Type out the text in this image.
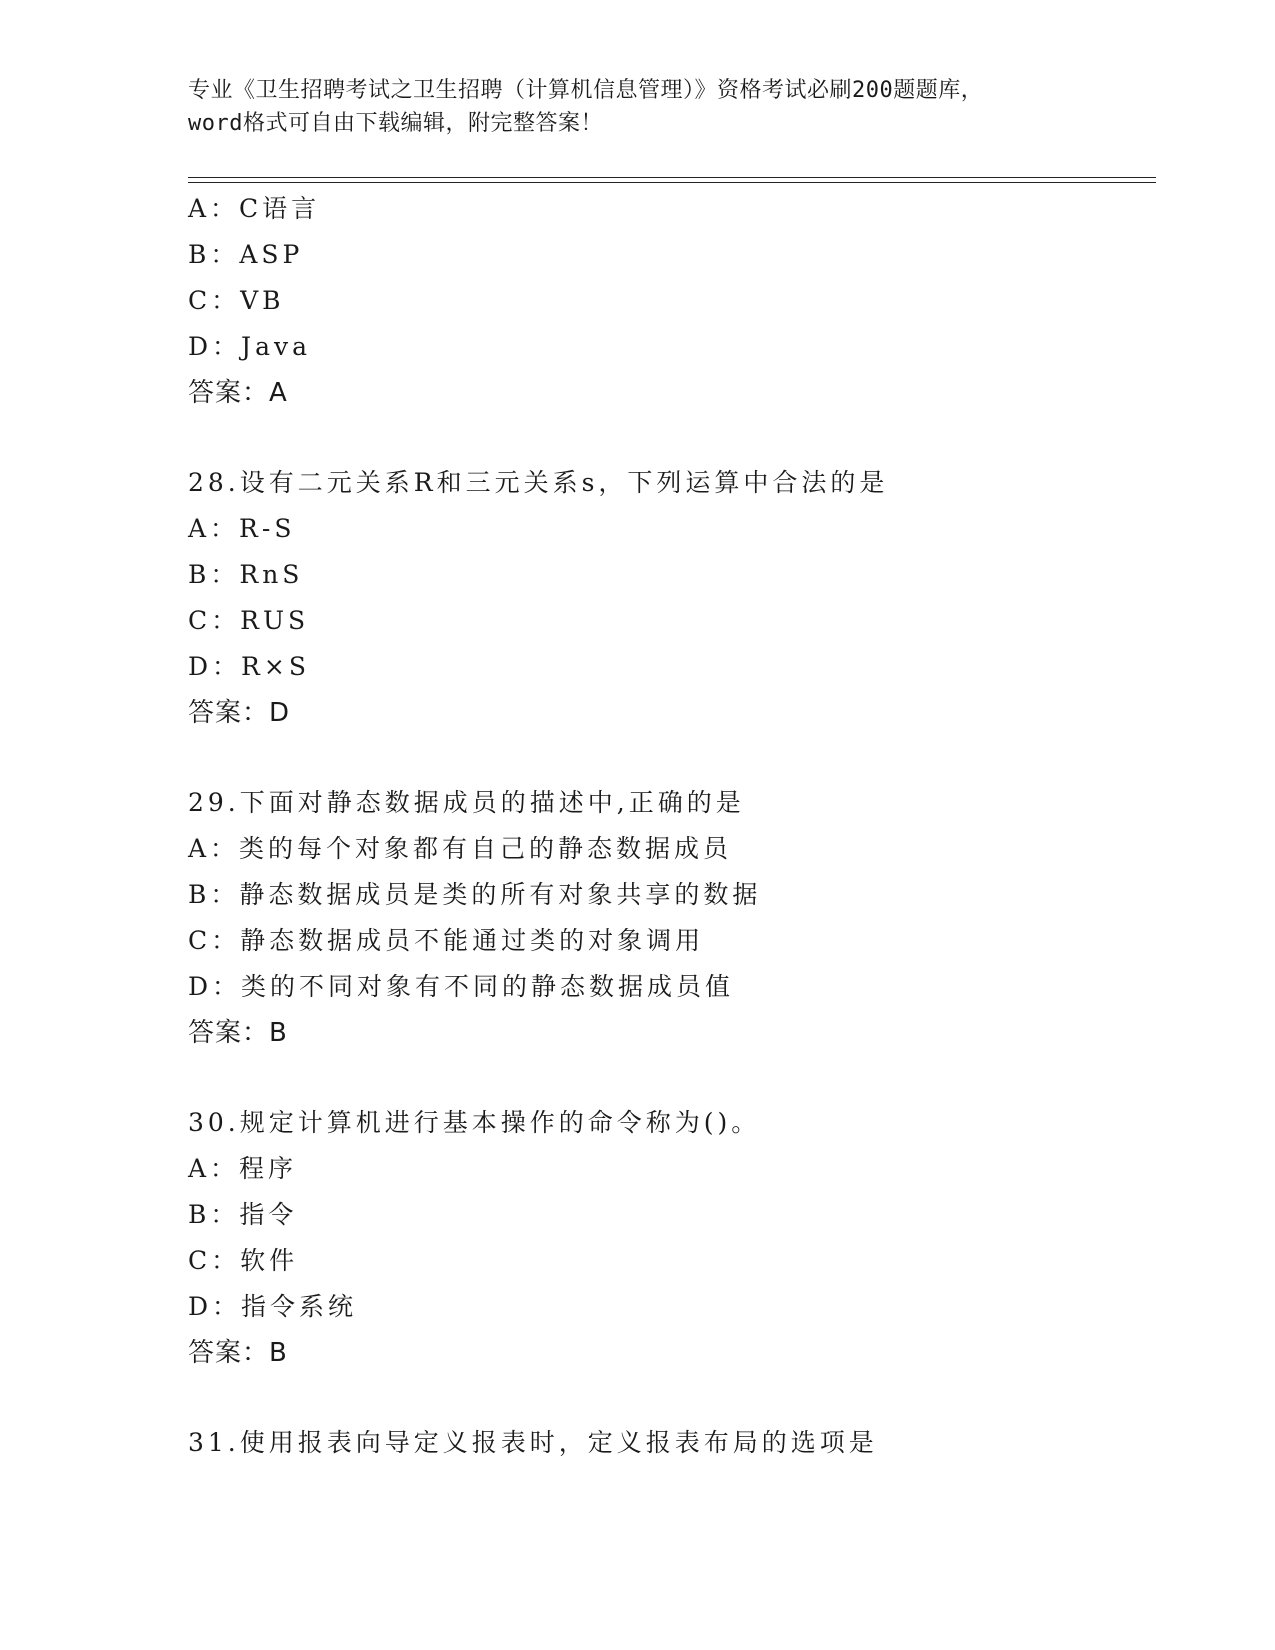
专业《卫生招聘考试之卫生招聘（计算机信息管理）》资格考试必刷200题题库，
word格式可自由下载编辑，附完整答案！
A：C语言
B：ASP
C：VB
D：Java
答案：A
28.设有二元关系R和三元关系s，下列运算中合法的是
A：R-S
B：RnS
C：RUS
D：R×S
答案：D
29.下面对静态数据成员的描述中,正确的是
A：类的每个对象都有自己的静态数据成员
B：静态数据成员是类的所有对象共享的数据
C：静态数据成员不能通过类的对象调用
D：类的不同对象有不同的静态数据成员值
答案：B
30.规定计算机进行基本操作的命令称为()。
A：程序
B：指令
C：软件
D：指令系统
答案：B
31.使用报表向导定义报表时，定义报表布局的选项是
